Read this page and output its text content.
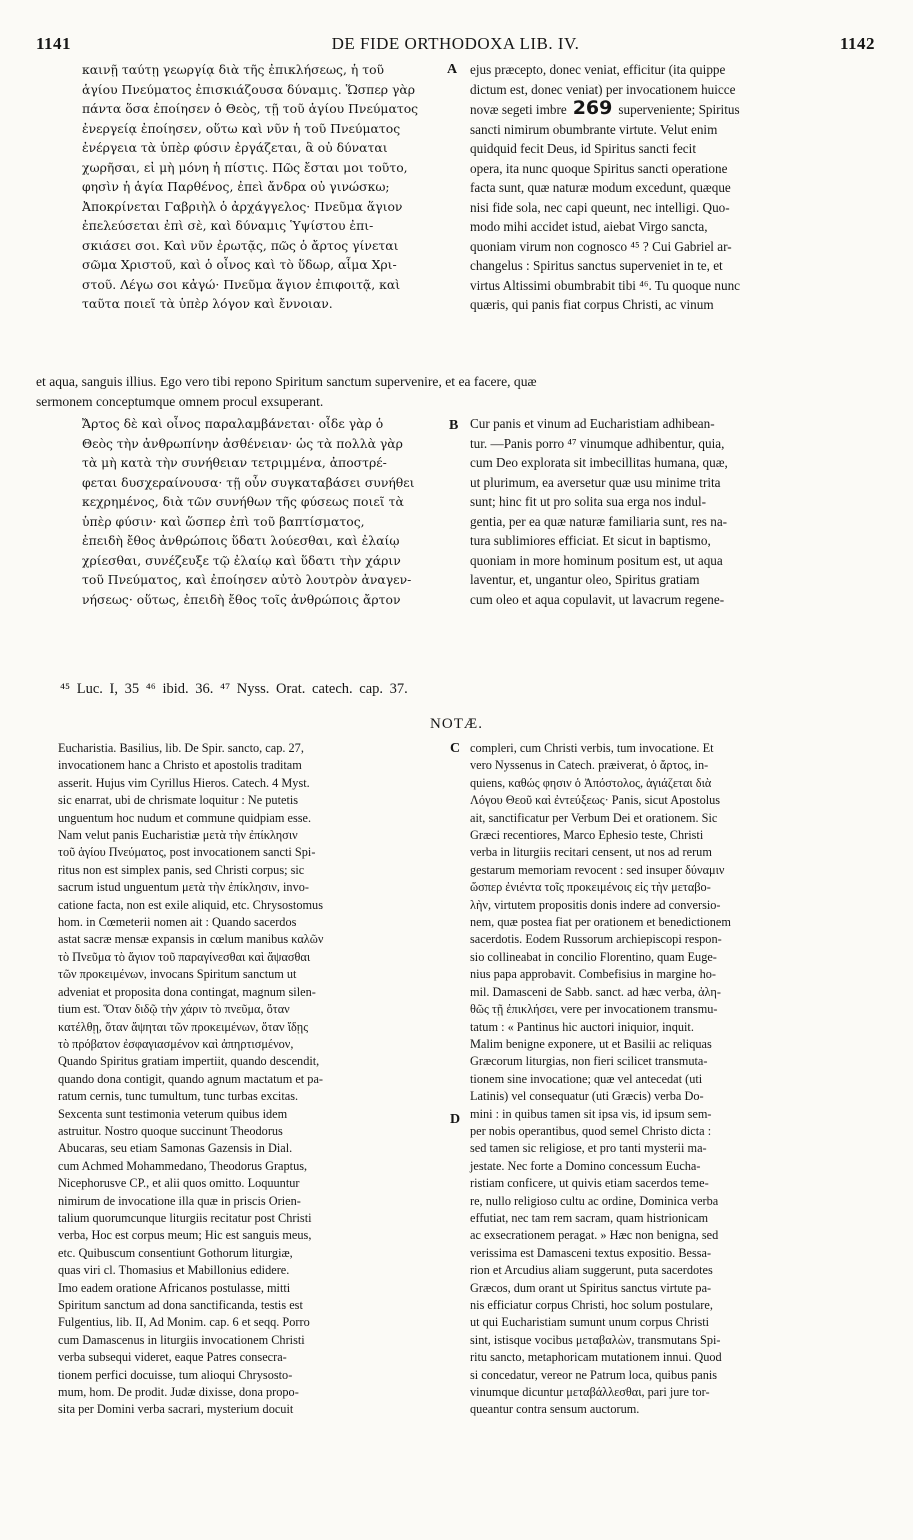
1141	DE FIDE ORTHODOXA LIB. IV.	1142

καινῇ ταύτῃ γεωργίᾳ διὰ τῆς ἐπικλήσεως, ἡ τοῦ

ἁγίου Πνεύματος ἐπισκιάζουσα δύναμις. Ὥσπερ γὰρ

πάντα ὅσα ἐποίησεν ὁ Θεὸς, τῇ τοῦ ἁγίου Πνεύματος

ἐνεργείᾳ ἐποίησεν, οὕτω καὶ νῦν ἡ τοῦ Πνεύματος

ἐνέργεια τὰ ὑπὲρ φύσιν ἐργάζεται, ἃ οὐ δύναται

χωρῆσαι, εἰ μὴ μόνη ἡ πίστις. Πῶς ἔσται μοι τοῦτο,

φησὶν ἡ ἁγία Παρθένος, ἐπεὶ ἄνδρα οὐ γινώσκω;

Ἀποκρίνεται Γαβριὴλ ὁ ἀρχάγγελος· Πνεῦμα ἅγιον

ἐπελεύσεται ἐπὶ σὲ, καὶ δύναμις Ὑψίστου ἐπι-

σκιάσει σοι. Καὶ νῦν ἐρωτᾷς, πῶς ὁ ἄρτος γίνεται

σῶμα Χριστοῦ, καὶ ὁ οἶνος καὶ τὸ ὕδωρ, αἷμα Χρι-

στοῦ. Λέγω σοι κἀγώ· Πνεῦμα ἅγιον ἐπιφοιτᾷ, καὶ

ταῦτα ποιεῖ τὰ ὑπὲρ λόγον καὶ ἔννοιαν.

A ejus præcepto, donec veniat, efficitur (ita quippe

dictum est, donec veniat) per invocationem huicce

novæ segeti imbre 269 superveniente; Spiritus

sancti nimirum obumbrante virtute. Velut enim

quidquid fecit Deus, id Spiritus sancti fecit

opera, ita nunc quoque Spiritus sancti operatione

facta sunt, quæ naturæ modum excedunt, quæque

nisi fide sola, nec capi queunt, nec intelligi. Quo-

modo mihi accidet istud, aiebat Virgo sancta,

quoniam virum non cognosco ⁴⁵ ? Cui Gabriel ar-

changelus : Spiritus sanctus superveniet in te, et

virtus Altissimi obumbrabit tibi ⁴⁶. Tu quoque nunc

quæris, qui panis fiat corpus Christi, ac vinum

et aqua, sanguis illius. Ego vero tibi repono Spiritum sanctum supervenire, et ea facere, quæ

sermonem conceptumque omnem procul exsuperant.

Ἄρτος δὲ καὶ οἶνος παραλαμβάνεται· οἶδε γὰρ ὁ

Θεὸς τὴν ἀνθρωπίνην ἀσθένειαν· ὡς τὰ πολλὰ γὰρ

τὰ μὴ κατὰ τὴν συνήθειαν τετριμμένα, ἀποστρέ-

φεται δυσχεραίνουσα· τῇ οὖν συγκαταβάσει συνήθει

κεχρημένος, διὰ τῶν συνήθων τῆς φύσεως ποιεῖ τὰ

ὑπὲρ φύσιν· καὶ ὥσπερ ἐπὶ τοῦ βαπτίσματος,

ἐπειδὴ ἔθος ἀνθρώποις ὕδατι λούεσθαι, καὶ ἐλαίῳ

χρίεσθαι, συνέζευξε τῷ ἐλαίῳ καὶ ὕδατι τὴν χάριν

τοῦ Πνεύματος, καὶ ἐποίησεν αὐτὸ λουτρὸν ἀναγεν-

νήσεως· οὕτως, ἐπειδὴ ἔθος τοῖς ἀνθρώποις ἄρτον

B Cur panis et vinum ad Eucharistiam adhibean-

tur. —Panis porro ⁴⁷ vinumque adhibentur, quia,

cum Deo explorata sit imbecillitas humana, quæ,

ut plurimum, ea aversetur quæ usu minime trita

sunt; hinc fit ut pro solita sua erga nos indul-

gentia, per ea quæ naturæ familiaria sunt, res na-

tura sublimiores efficiat. Et sicut in baptismo,

quoniam in more hominum positum est, ut aqua

laventur, et, ungantur oleo, Spiritus gratiam

cum oleo et aqua copulavit, ut lavacrum regene-

⁴⁵ Luc. I, 35 ⁴⁶ ibid. 36. ⁴⁷ Nyss. Orat. catech. cap. 37.
NOTÆ.

Eucharistia. Basilius, lib. De Spir. sancto, cap. 27,

invocationem hanc a Christo et apostolis traditam

asserit. Hujus vim Cyrillus Hieros. Catech. 4 Myst.

sic enarrat, ubi de chrismate loquitur : Ne putetis

unguentum hoc nudum et commune quidpiam esse.

Nam velut panis Eucharistiæ μετὰ τὴν ἐπίκλησιν

τοῦ ἁγίου Πνεύματος, post invocationem sancti Spi-

ritus non est simplex panis, sed Christi corpus; sic

sacrum istud unguentum μετὰ τὴν ἐπίκλησιν, invo-

catione facta, non est exile aliquid, etc. Chrysostomus

hom. in Cœmeterii nomen ait : Quando sacerdos

astat sacræ mensæ expansis in cœlum manibus καλῶν

τὸ Πνεῦμα τὸ ἅγιον τοῦ παραγίνεσθαι καὶ ἅψασθαι

τῶν προκειμένων, invocans Spiritum sanctum ut

adveniat et proposita dona contingat, magnum silen-

tium est. Ὅταν διδῷ τὴν χάριν τὸ πνεῦμα, ὅταν

κατέλθῃ, ὅταν ἅψηται τῶν προκειμένων, ὅταν ἴδῃς

τὸ πρόβατον ἐσφαγιασμένον καὶ ἀπηρτισμένον,

Quando Spiritus gratiam impertiit, quando descendit,

quando dona contigit, quando agnum mactatum et pa-

ratum cernis, tunc tumultum, tunc turbas excitas.

Sexcenta sunt testimonia veterum quibus idem

astruitur. Nostro quoque succinunt Theodorus

Abucaras, seu etiam Samonas Gazensis in Dial.

cum Achmed Mohammedano, Theodorus Graptus,

Nicephorusve CP., et alii quos omitto. Loquuntur

nimirum de invocatione illa quæ in priscis Orien-

talium quorumcunque liturgiis recitatur post Christi

verba, Hoc est corpus meum; Hic est sanguis meus,

etc. Quibuscum consentiunt Gothorum liturgiæ,

quas viri cl. Thomasius et Mabillonius edidere.

Imo eadem oratione Africanos postulasse, mitti

Spiritum sanctum ad dona sanctificanda, testis est

Fulgentius, lib. II, Ad Monim. cap. 6 et seqq. Porro

cum Damascenus in liturgiis invocationem Christi

verba subsequi videret, eaque Patres consecra-

tionem perfici docuisse, tum alioqui Chrysosto-

mum, hom. De prodit. Judæ dixisse, dona propo-

sita per Domini verba sacrari, mysterium docuit

C
D

compleri, cum Christi verbis, tum invocatione. Et

vero Nyssenus in Catech. præiverat, ὁ ἄρτος, in-

quiens, καθώς φησιν ὁ Ἀπόστολος, ἁγιάζεται διὰ

Λόγου Θεοῦ καὶ ἐντεύξεως· Panis, sicut Apostolus

ait, sanctificatur per Verbum Dei et orationem. Sic

Græci recentiores, Marco Ephesio teste, Christi

verba in liturgiis recitari censent, ut nos ad rerum

gestarum memoriam revocent : sed insuper δύναμιν

ὥσπερ ἐνιέντα τοῖς προκειμένοις εἰς τὴν μεταβο-

λὴν, virtutem propositis donis indere ad conversio-

nem, quæ postea fiat per orationem et benedictionem

sacerdotis. Eodem Russorum archiepiscopi respon-

sio collineabat in concilio Florentino, quam Euge-

nius papa approbavit. Combefisius in margine ho-

mil. Damasceni de Sabb. sanct. ad hæc verba, ἀλη-

θῶς τῇ ἐπικλήσει, vere per invocationem transmu-

tatum : « Pantinus hic auctori iniquior, inquit.

Malim benigne exponere, ut et Basilii ac reliquas

Græcorum liturgias, non fieri scilicet transmuta-

tionem sine invocatione; quæ vel antecedat (uti

Latinis) vel consequatur (uti Græcis) verba Do-

mini : in quibus tamen sit ipsa vis, id ipsum sem-

per nobis operantibus, quod semel Christo dicta :

sed tamen sic religiose, et pro tanti mysterii ma-

jestate. Nec forte a Domino concessum Eucha-

ristiam conficere, ut quivis etiam sacerdos teme-

re, nullo religioso cultu ac ordine, Dominica verba

effutiat, nec tam rem sacram, quam histrionicam

ac exsecrationem peragat. » Hæc non benigna, sed

verissima est Damasceni textus expositio. Bessa-

rion et Arcudius aliam suggerunt, puta sacerdotes

Græcos, dum orant ut Spiritus sanctus virtute pa-

nis efficiatur corpus Christi, hoc solum postulare,

ut qui Eucharistiam sumunt unum corpus Christi

sint, istisque vocibus μεταβαλὼν, transmutans Spi-

ritu sancto, metaphoricam mutationem innui. Quod

si concedatur, vereor ne Patrum loca, quibus panis

vinumque dicuntur μεταβάλλεσθαι, pari jure tor-

queantur contra sensum auctorum.
